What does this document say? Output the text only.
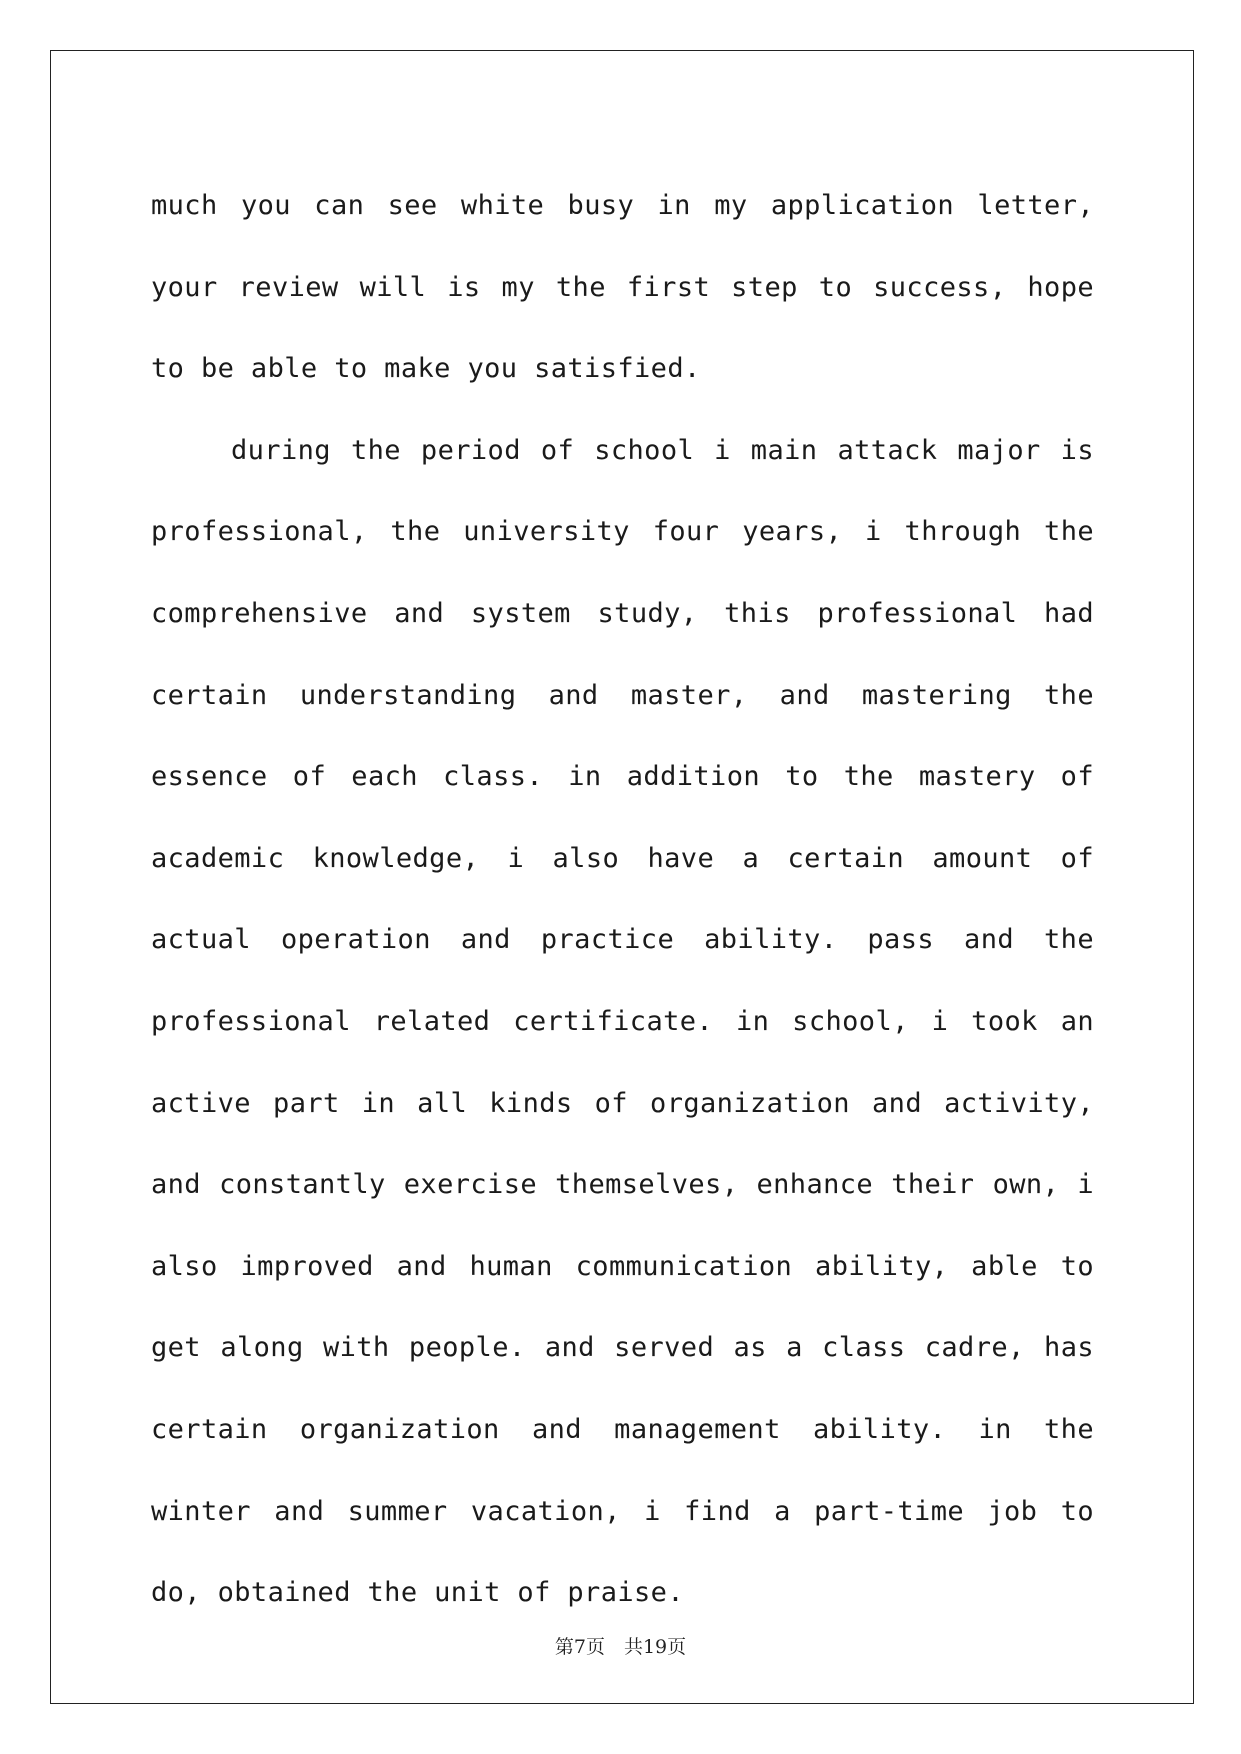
much you can see white busy in my application letter, your review will is my the first step to success, hope to be able to make you satisfied.

during the period of school i main attack major is professional, the university four years, i through the comprehensive and system study, this professional had certain understanding and master, and mastering the essence of each class. in addition to the mastery of academic knowledge, i also have a certain amount of actual operation and practice ability. pass and the professional related certificate. in school, i took an active part in all kinds of organization and activity, and constantly exercise themselves, enhance their own, i also improved and human communication ability, able to get along with people. and served as a class cadre, has certain organization and management ability. in the winter and summer vacation, i find a part-time job to do, obtained the unit of praise.

第7页　共19页
